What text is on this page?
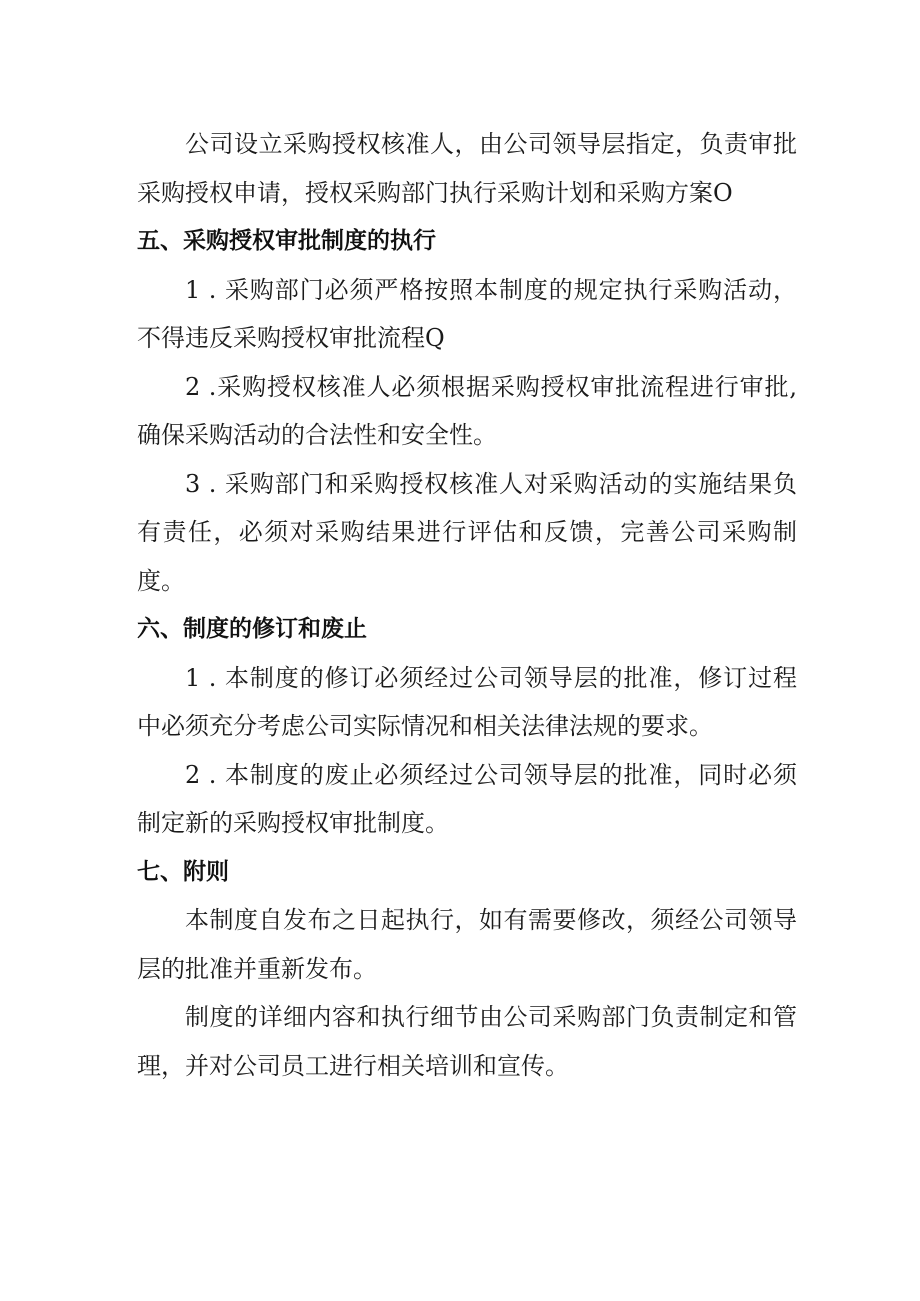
公司设立采购授权核准人，由公司领导层指定，负责审批采购授权申请，授权采购部门执行采购计划和采购方案O

五、采购授权审批制度的执行

1 . 采购部门必须严格按照本制度的规定执行采购活动，不得违反采购授权审批流程Q

2 .采购授权核准人必须根据采购授权审批流程进行审批,确保采购活动的合法性和安全性。

3 . 采购部门和采购授权核准人对采购活动的实施结果负有责任，必须对采购结果进行评估和反馈，完善公司采购制度。

六、制度的修订和废止

1 . 本制度的修订必须经过公司领导层的批准，修订过程中必须充分考虑公司实际情况和相关法律法规的要求。

2 . 本制度的废止必须经过公司领导层的批准，同时必须制定新的采购授权审批制度。

七、附则

本制度自发布之日起执行，如有需要修改，须经公司领导层的批准并重新发布。

制度的详细内容和执行细节由公司采购部门负责制定和管理，并对公司员工进行相关培训和宣传。
